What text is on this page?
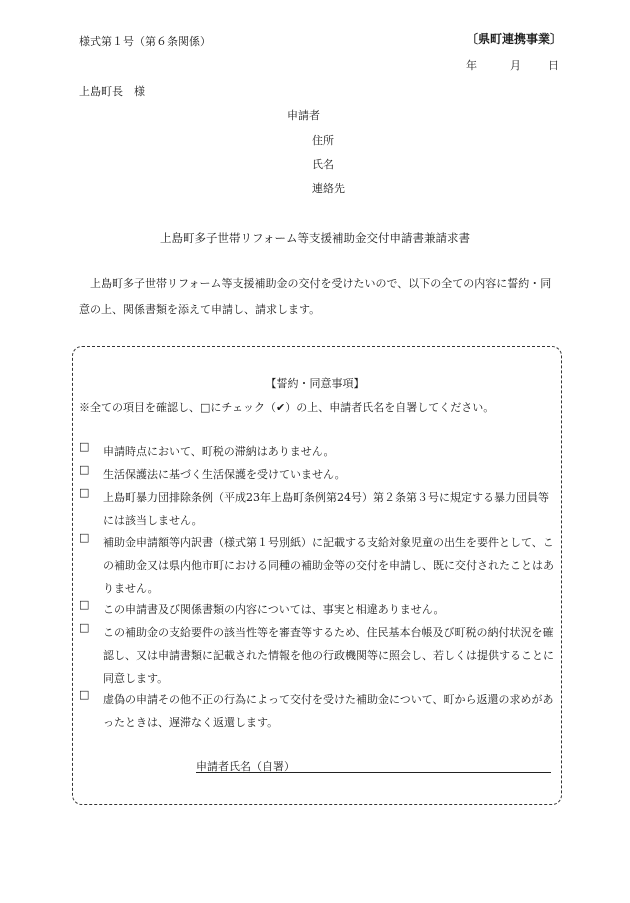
様式第１号（第６条関係）	〔県町連携事業〕
年	月 日
上島町長　様
申請者
住所
氏名
連絡先
上島町多子世帯リフォーム等支援補助金交付申請書兼請求書
上島町多子世帯リフォーム等支援補助金の交付を受けたいので、以下の全ての内容に誓約・同意の上、関係書類を添えて申請し、請求します。
【誓約・同意事項】
※全ての項目を確認し、□にチェック（✔）の上、申請者氏名を自署してください。
□	申請時点において、町税の滞納はありません。
□	生活保護法に基づく生活保護を受けていません。
□	上島町暴力団排除条例（平成23年上島町条例第24号）第２条第３号に規定する暴力団員等には該当しません。
□	補助金申請額等内訳書（様式第１号別紙）に記載する支給対象児童の出生を要件として、この補助金又は県内他市町における同種の補助金等の交付を申請し、既に交付されたことはありません。
□	この申請書及び関係書類の内容については、事実と相違ありません。
□	この補助金の支給要件の該当性等を審査等するため、住民基本台帳及び町税の納付状況を確認し、又は申請書類に記載された情報を他の行政機関等に照会し、若しくは提供することに同意します。
□	虚偽の申請その他不正の行為によって交付を受けた補助金について、町から返還の求めがあったときは、遅滞なく返還します。
申請者氏名（自署）
